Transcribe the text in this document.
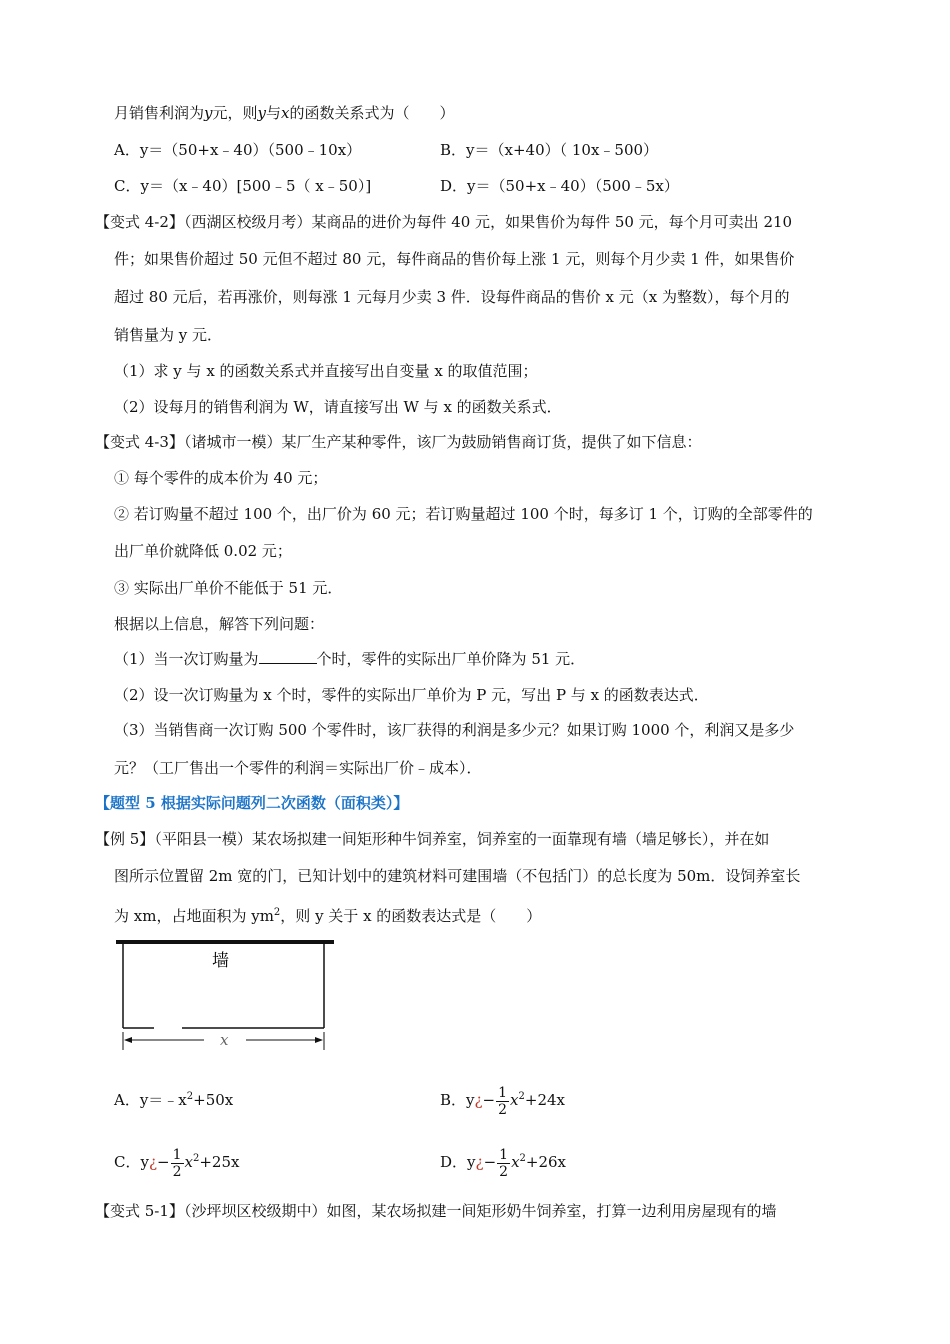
月销售利润为y元，则y与x的函数关系式为（　　）
A．y＝（50+x﹣40）（500﹣10x）	B．y＝（x+40）（ 10x﹣500）
C．y＝（x﹣40）[500﹣5（ x﹣50）]	D．y＝（50+x﹣40）（500﹣5x）
【变式 4-2】（西湖区校级月考）某商品的进价为每件 40 元，如果售价为每件 50 元，每个月可卖出 210
件；如果售价超过 50 元但不超过 80 元，每件商品的售价每上涨 1 元，则每个月少卖 1 件，如果售价
超过 80 元后，若再涨价，则每涨 1 元每月少卖 3 件．设每件商品的售价 x 元（x 为整数），每个月的
销售量为 y 元．
（1）求 y 与 x 的函数关系式并直接写出自变量 x 的取值范围；
（2）设每月的销售利润为 W，请直接写出 W 与 x 的函数关系式．
【变式 4-3】（诸城市一模）某厂生产某种零件，该厂为鼓励销售商订货，提供了如下信息：
① 每个零件的成本价为 40 元；
② 若订购量不超过 100 个，出厂价为 60 元；若订购量超过 100 个时，每多订 1 个，订购的全部零件的
出厂单价就降低 0.02 元；
③ 实际出厂单价不能低于 51 元．
根据以上信息，解答下列问题：
（1）当一次订购量为	个时，零件的实际出厂单价降为 51 元．
（2）设一次订购量为 x 个时，零件的实际出厂单价为 P 元，写出 P 与 x 的函数表达式．
（3）当销售商一次订购 500 个零件时，该厂获得的利润是多少元？如果订购 1000 个，利润又是多少
元？（工厂售出一个零件的利润＝实际出厂价﹣成本）．
【题型 5 根据实际问题列二次函数（面积类）】
【例 5】（平阳县一模）某农场拟建一间矩形种牛饲养室，饲养室的一面靠现有墙（墙足够长），并在如
图所示位置留 2m 宽的门，已知计划中的建筑材料可建围墙（不包括门）的总长度为 50m．设饲养室长
为 xm，占地面积为 $ym^2$，则 y 关于 x 的函数表达式是（　　）
墙
x
A．$y=﹣x^2+50x$	B．y¿− $\frac{1}{2} x^2+24x$
C．y¿− $\frac{1}{2} x^2+25x$	D．y¿− $\frac{1}{2} x^2+26x$
【变式 5-1】（沙坪坝区校级期中）如图，某农场拟建一间矩形奶牛饲养室，打算一边利用房屋现有的墙
